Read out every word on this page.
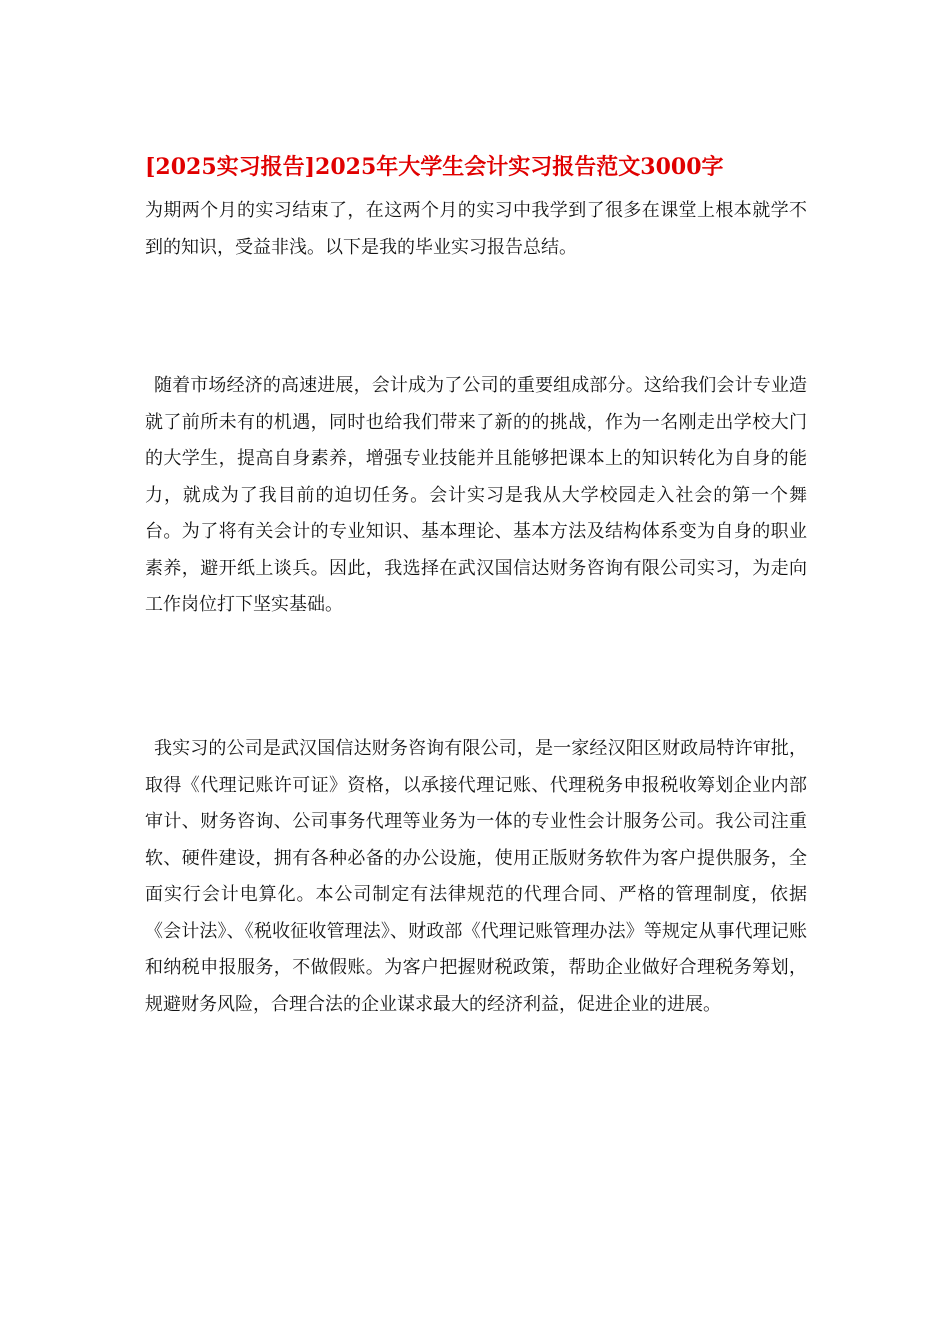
[2025实习报告]2025年大学生会计实习报告范文3000字

为期两个月的实习结束了，在这两个月的实习中我学到了很多在课堂上根本就学不到的知识，受益非浅。以下是我的毕业实习报告总结。

随着市场经济的高速进展，会计成为了公司的重要组成部分。这给我们会计专业造就了前所未有的机遇，同时也给我们带来了新的的挑战，作为一名刚走出学校大门的大学生，提高自身素养，增强专业技能并且能够把课本上的知识转化为自身的能力，就成为了我目前的迫切任务。会计实习是我从大学校园走入社会的第一个舞台。为了将有关会计的专业知识、基本理论、基本方法及结构体系变为自身的职业素养，避开纸上谈兵。因此，我选择在武汉国信达财务咨询有限公司实习，为走向工作岗位打下坚实基础。

我实习的公司是武汉国信达财务咨询有限公司，是一家经汉阳区财政局特许审批，取得《代理记账许可证》资格，以承接代理记账、代理税务申报税收筹划企业内部审计、财务咨询、公司事务代理等业务为一体的专业性会计服务公司。我公司注重软、硬件建设，拥有各种必备的办公设施，使用正版财务软件为客户提供服务，全面实行会计电算化。本公司制定有法律规范的代理合同、严格的管理制度，依据《会计法》、《税收征收管理法》、财政部《代理记账管理办法》等规定从事代理记账和纳税申报服务，不做假账。为客户把握财税政策，帮助企业做好合理税务筹划，规避财务风险，合理合法的企业谋求最大的经济利益，促进企业的进展。
